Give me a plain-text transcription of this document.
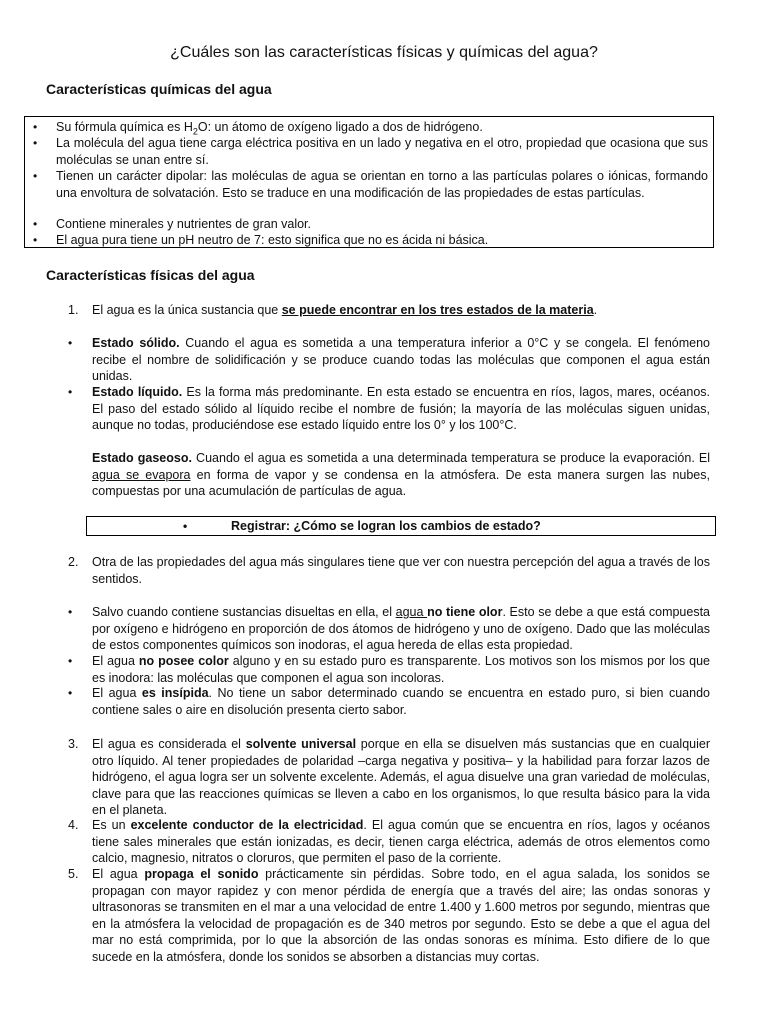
¿Cuáles son las características físicas y químicas del agua?
Características químicas del agua
• Su fórmula química es $H_2O$: un átomo de oxígeno ligado a dos de hidrógeno.
• La molécula del agua tiene carga eléctrica positiva en un lado y negativa en el otro, propiedad que ocasiona que sus moléculas se unan entre sí.
• Tienen un carácter dipolar: las moléculas de agua se orientan en torno a las partículas polares o iónicas, formando una envoltura de solvatación. Esto se traduce en una modificación de las propiedades de estas partículas.
• Contiene minerales y nutrientes de gran valor.
• El agua pura tiene un pH neutro de 7: esto significa que no es ácida ni básica.
Características físicas del agua
1. El agua es la única sustancia que se puede encontrar en los tres estados de la materia.
• Estado sólido. Cuando el agua es sometida a una temperatura inferior a 0°C y se congela. El fenómeno recibe el nombre de solidificación y se produce cuando todas las moléculas que componen el agua están unidas.
• Estado líquido. Es la forma más predominante. En esta estado se encuentra en ríos, lagos, mares, océanos. El paso del estado sólido al líquido recibe el nombre de fusión; la mayoría de las moléculas siguen unidas, aunque no todas, produciéndose ese estado líquido entre los 0° y los 100°C.
Estado gaseoso. Cuando el agua es sometida a una determinada temperatura se produce la evaporación. El agua se evapora en forma de vapor y se condensa en la atmósfera. De esta manera surgen las nubes, compuestas por una acumulación de partículas de agua.
•	Registrar: ¿Cómo se logran los cambios de estado?
2. Otra de las propiedades del agua más singulares tiene que ver con nuestra percepción del agua a través de los sentidos.
• Salvo cuando contiene sustancias disueltas en ella, el agua no tiene olor. Esto se debe a que está compuesta por oxígeno e hidrógeno en proporción de dos átomos de hidrógeno y uno de oxígeno. Dado que las moléculas de estos componentes químicos son inodoras, el agua hereda de ellas esta propiedad.
• El agua no posee color alguno y en su estado puro es transparente. Los motivos son los mismos por los que es inodora: las moléculas que componen el agua son incoloras.
• El agua es insípida. No tiene un sabor determinado cuando se encuentra en estado puro, si bien cuando contiene sales o aire en disolución presenta cierto sabor.
3. El agua es considerada el solvente universal porque en ella se disuelven más sustancias que en cualquier otro líquido. Al tener propiedades de polaridad –carga negativa y positiva– y la habilidad para forzar lazos de hidrógeno, el agua logra ser un solvente excelente. Además, el agua disuelve una gran variedad de moléculas, clave para que las reacciones químicas se lleven a cabo en los organismos, lo que resulta básico para la vida en el planeta.
4. Es un excelente conductor de la electricidad. El agua común que se encuentra en ríos, lagos y océanos tiene sales minerales que están ionizadas, es decir, tienen carga eléctrica, además de otros elementos como calcio, magnesio, nitratos o cloruros, que permiten el paso de la corriente.
5. El agua propaga el sonido prácticamente sin pérdidas. Sobre todo, en el agua salada, los sonidos se propagan con mayor rapidez y con menor pérdida de energía que a través del aire; las ondas sonoras y ultrasonoras se transmiten en el mar a una velocidad de entre 1.400 y 1.600 metros por segundo, mientras que en la atmósfera la velocidad de propagación es de 340 metros por segundo. Esto se debe a que el agua del mar no está comprimida, por lo que la absorción de las ondas sonoras es mínima. Esto difiere de lo que sucede en la atmósfera, donde los sonidos se absorben a distancias muy cortas.
